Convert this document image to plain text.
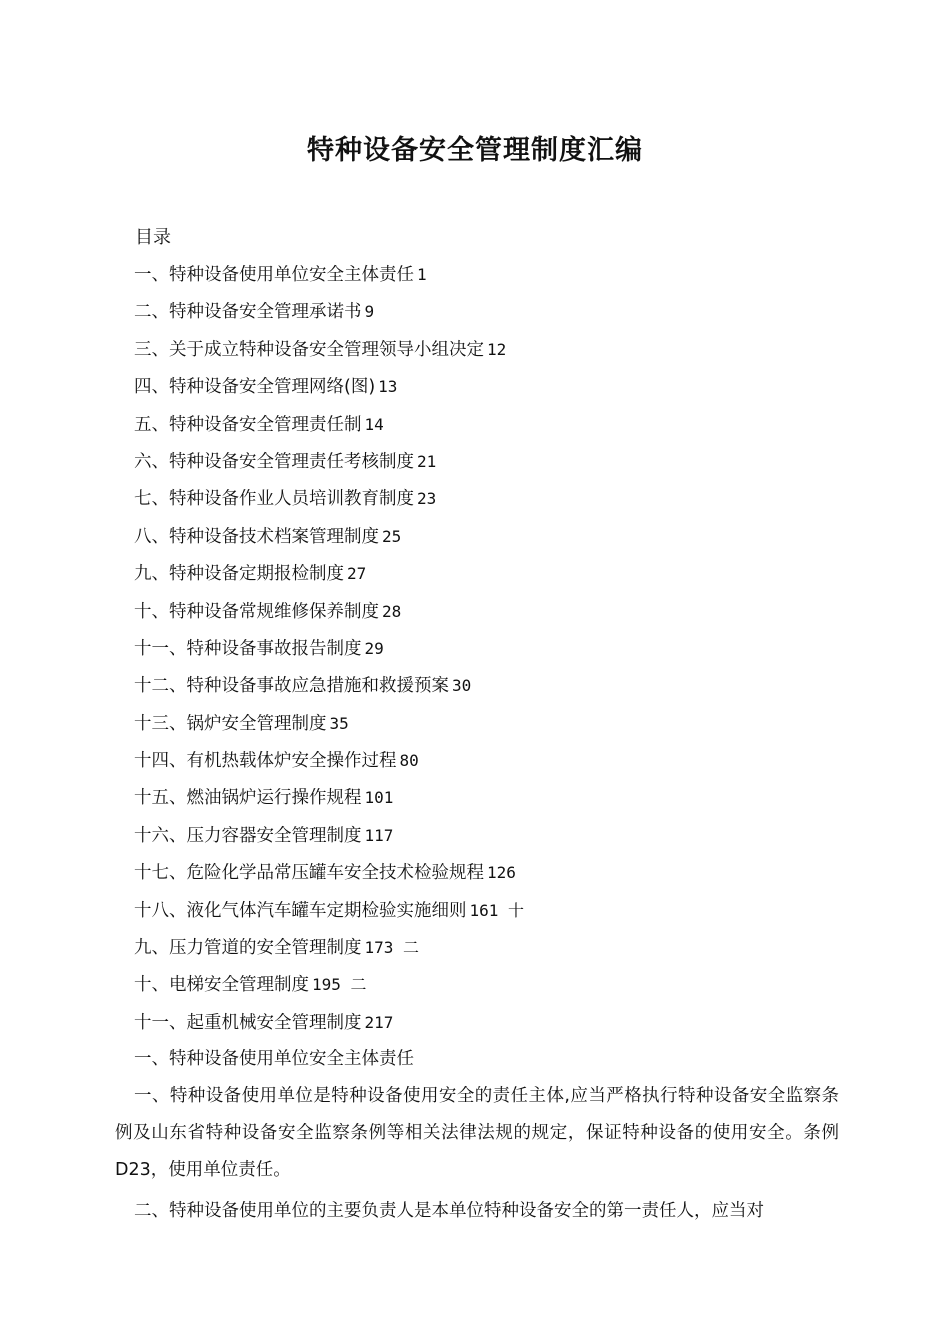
特种设备安全管理制度汇编
目录
一、特种设备使用单位安全主体责任 1
二、特种设备安全管理承诺书 9
三、关于成立特种设备安全管理领导小组决定 12
四、特种设备安全管理网络(图) 13
五、特种设备安全管理责任制 14
六、特种设备安全管理责任考核制度 21
七、特种设备作业人员培训教育制度 23
八、特种设备技术档案管理制度 25
九、特种设备定期报检制度 27
十、特种设备常规维修保养制度 28
十一、特种设备事故报告制度 29
十二、特种设备事故应急措施和救援预案 30
十三、锅炉安全管理制度 35
十四、有机热载体炉安全操作过程 80
十五、燃油锅炉运行操作规程 101
十六、压力容器安全管理制度 117
十七、危险化学品常压罐车安全技术检验规程 126
十八、液化气体汽车罐车定期检验实施细则 161 十
九、压力管道的安全管理制度 173 二
十、电梯安全管理制度 195 二
十一、起重机械安全管理制度 217
一、特种设备使用单位安全主体责任

一、特种设备使用单位是特种设备使用安全的责任主体,应当严格执行特种设备安全监察条例及山东省特种设备安全监察条例等相关法律法规的规定，保证特种设备的使用安全。条例D23，使用单位责任。

二、特种设备使用单位的主要负责人是本单位特种设备安全的第一责任人，应当对
